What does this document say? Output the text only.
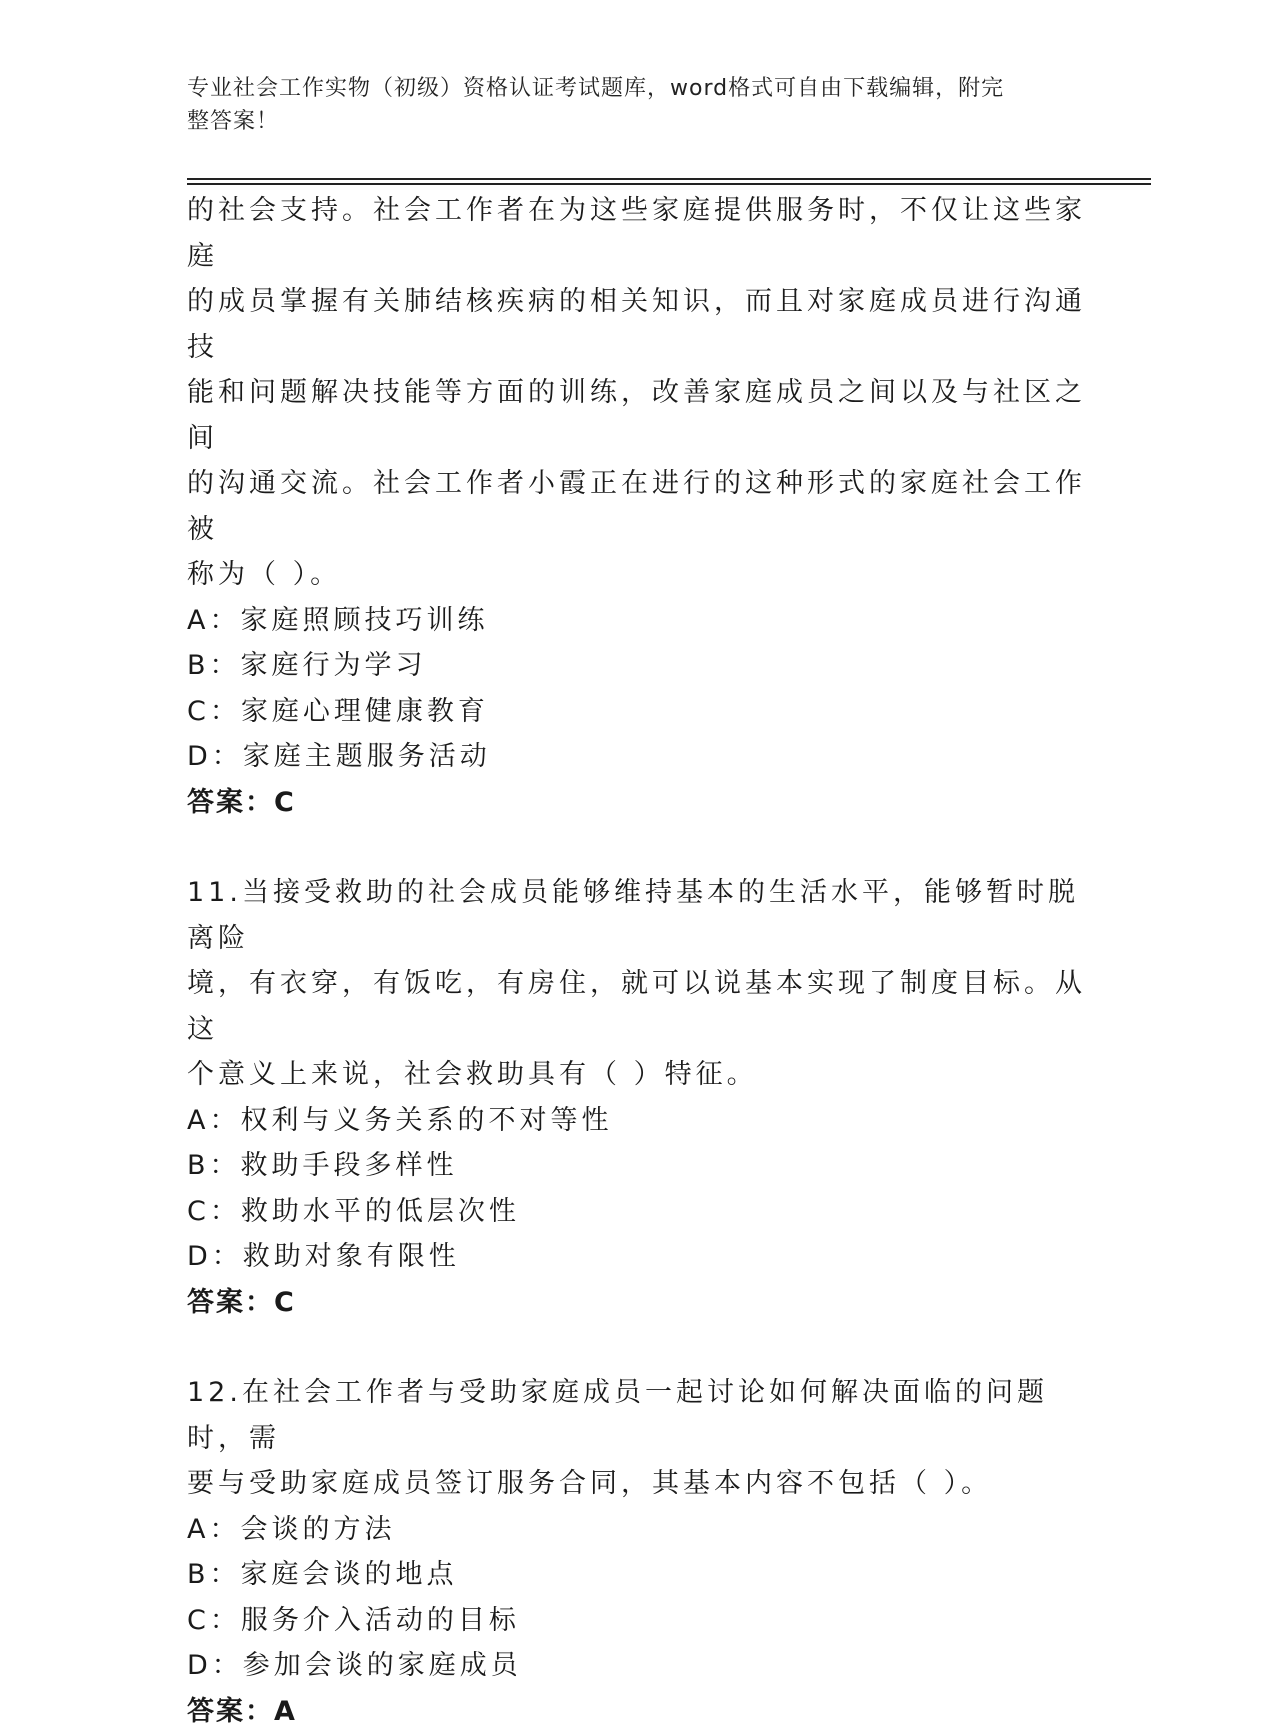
专业社会工作实物（初级）资格认证考试题库，word格式可自由下载编辑，附完
整答案！

的社会支持。社会工作者在为这些家庭提供服务时，不仅让这些家庭

的成员掌握有关肺结核疾病的相关知识，而且对家庭成员进行沟通技

能和问题解决技能等方面的训练，改善家庭成员之间以及与社区之间

的沟通交流。社会工作者小霞正在进行的这种形式的家庭社会工作被

称为（ ）。

A：家庭照顾技巧训练

B：家庭行为学习

C：家庭心理健康教育

D：家庭主题服务活动

答案：C

11.当接受救助的社会成员能够维持基本的生活水平，能够暂时脱离险

境，有衣穿，有饭吃，有房住，就可以说基本实现了制度目标。从这

个意义上来说，社会救助具有（ ）特征。

A：权利与义务关系的不对等性

B：救助手段多样性

C：救助水平的低层次性

D：救助对象有限性

答案：C

12.在社会工作者与受助家庭成员一起讨论如何解决面临的问题时，需

要与受助家庭成员签订服务合同，其基本内容不包括（ ）。

A：会谈的方法

B：家庭会谈的地点

C：服务介入活动的目标

D：参加会谈的家庭成员

答案：A
